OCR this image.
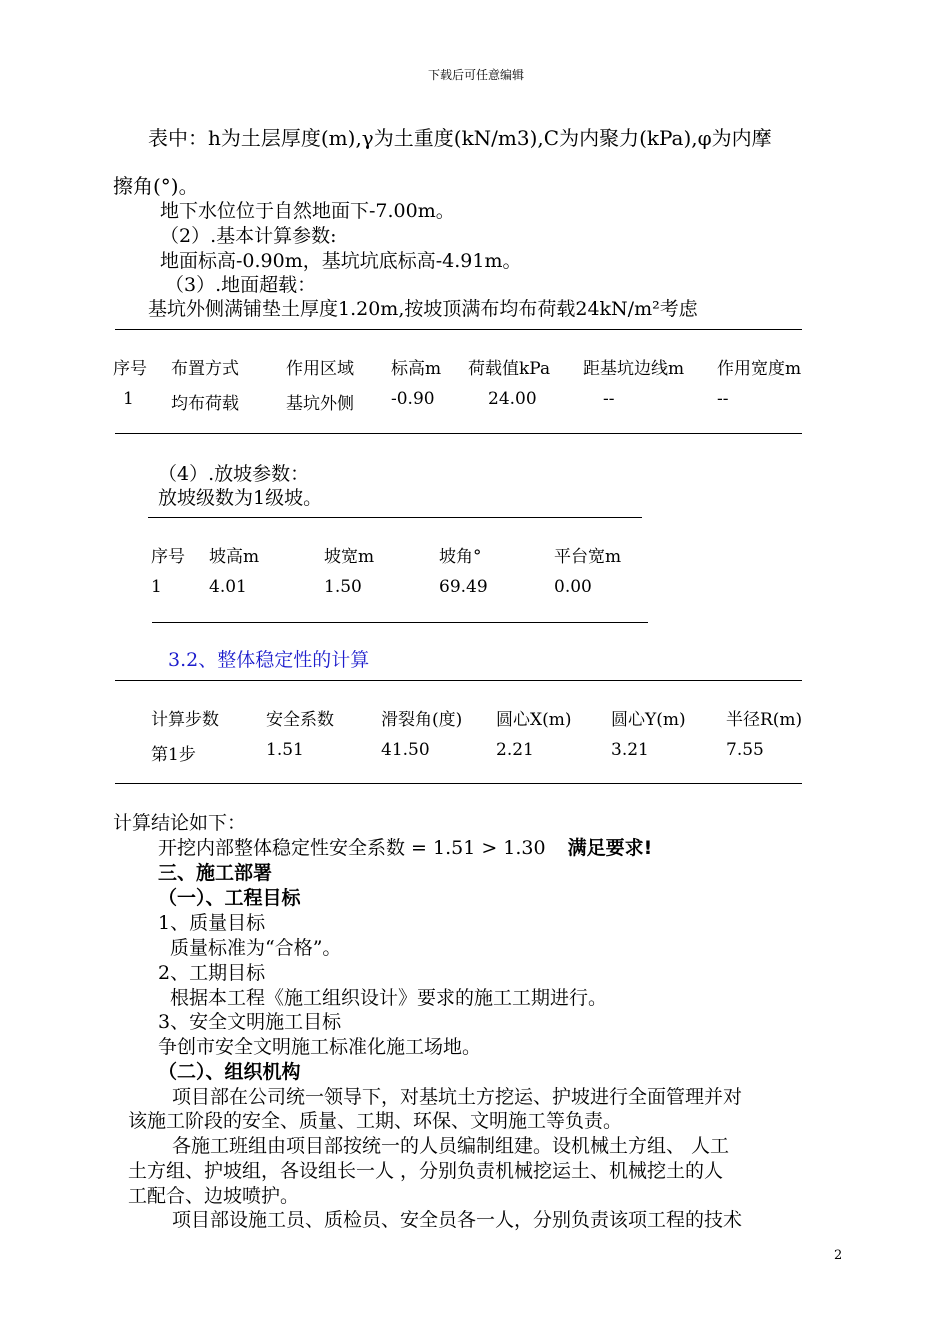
下载后可任意编辑
表中：h为土层厚度(m),γ为土重度(kN/m3),C为内聚力(kPa),φ为内摩
擦角(°)。
地下水位位于自然地面下-7.00m。
（2）.基本计算参数:
地面标高-0.90m，基坑坑底标高-4.91m。
（3）.地面超载：
基坑外侧满铺垫土厚度1.20m,按坡顶满布均布荷载24kN/m²考虑
序号	布置方式	作用区域	标高m	荷载值kPa	距基坑边线m	作用宽度m
1	均布荷载	基坑外侧	-0.90	24.00	--	--
（4）.放坡参数：
放坡级数为1级坡。
序号	坡高m	坡宽m	坡角°	平台宽m
1	4.01	1.50	69.49	0.00
3.2、整体稳定性的计算
计算步数	安全系数	滑裂角(度)	圆心X(m)	圆心Y(m)	半径R(m)
第1步	1.51	41.50	2.21	3.21	7.55
计算结论如下：
开挖内部整体稳定性安全系数 = 1.51 > 1.30 满足要求!
三、施工部署
（一）、工程目标
1、质量目标
质量标准为“合格”。
2、工期目标
根据本工程《施工组织设计》要求的施工工期进行。
3、安全文明施工目标
争创市安全文明施工标准化施工场地。
（二）、组织机构
项目部在公司统一领导下，对基坑土方挖运、护坡进行全面管理并对
该施工阶段的安全、质量、工期、环保、文明施工等负责。
各施工班组由项目部按统一的人员编制组建。设机械土方组、 人工
土方组、护坡组，各设组长一人 ，分别负责机械挖运土、机械挖土的人
工配合、边坡喷护。
项目部设施工员、质检员、安全员各一人，分别负责该项工程的技术
2
